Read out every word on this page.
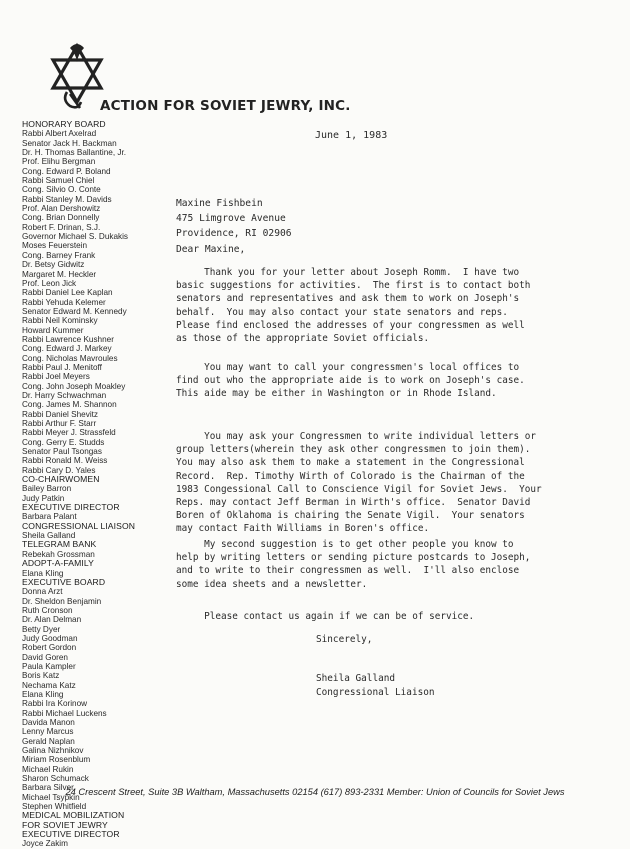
ACTION FOR SOVIET JEWRY, INC.
HONORARY BOARD
Rabbi Albert Axelrad
Senator Jack H. Backman
Dr. H. Thomas Ballantine, Jr.
Prof. Elihu Bergman
Cong. Edward P. Boland
Rabbi Samuel Chiel
Cong. Silvio O. Conte
Rabbi Stanley M. Davids
Prof. Alan Dershowitz
Cong. Brian Donnelly
Robert F. Drinan, S.J.
Governor Michael S. Dukakis
Moses Feuerstein
Cong. Barney Frank
Dr. Betsy Gidwitz
Margaret M. Heckler
Prof. Leon Jick
Rabbi Daniel Lee Kaplan
Rabbi Yehuda Kelemer
Senator Edward M. Kennedy
Rabbi Neil Kominsky
Howard Kummer
Rabbi Lawrence Kushner
Cong. Edward J. Markey
Cong. Nicholas Mavroules
Rabbi Paul J. Menitoff
Rabbi Joel Meyers
Cong. John Joseph Moakley
Dr. Harry Schwachman
Cong. James M. Shannon
Rabbi Daniel Shevitz
Rabbi Arthur F. Starr
Rabbi Meyer J. Strassfeld
Cong. Gerry E. Studds
Senator Paul Tsongas
Rabbi Ronald M. Weiss
Rabbi Cary D. Yales
CO-CHAIRWOMEN
Bailey Barron
Judy Patkin
EXECUTIVE DIRECTOR
Barbara Palant
CONGRESSIONAL LIAISON
Sheila Galland
TELEGRAM BANK
Rebekah Grossman
ADOPT-A-FAMILY
Elana Kling
EXECUTIVE BOARD
Donna Arzt
Dr. Sheldon Benjamin
Ruth Cronson
Dr. Alan Delman
Betty Dyer
Judy Goodman
Robert Gordon
David Goren
Paula Kampler
Boris Katz
Nechama Katz
Elana Kling
Rabbi Ira Korinow
Rabbi Michael Luckens
Davida Manon
Lenny Marcus
Gerald Naplan
Galina Nizhnikov
Miriam Rosenblum
Michael Rukin
Sharon Schumack
Barbara Silver
Michael Tsypkin
Stephen Whitfield
MEDICAL MOBILIZATION
FOR SOVIET JEWRY
EXECUTIVE DIRECTOR
Joyce Zakim
June 1, 1983
Maxine Fishbein
475 Limgrove Avenue
Providence, RI 02906
Dear Maxine,
Thank you for your letter about Joseph Romm.  I have two
basic suggestions for activities.  The first is to contact both
senators and representatives and ask them to work on Joseph's
behalf.  You may also contact your state senators and reps.
Please find enclosed the addresses of your congressmen as well
as those of the appropriate Soviet officials.
You may want to call your congressmen's local offices to
find out who the appropriate aide is to work on Joseph's case.
This aide may be either in Washington or in Rhode Island.
You may ask your Congressmen to write individual letters or
group letters(wherein they ask other congressmen to join them).
You may also ask them to make a statement in the Congressional
Record.  Rep. Timothy Wirth of Colorado is the Chairman of the
1983 Congessional Call to Conscience Vigil for Soviet Jews.  Your
Reps. may contact Jeff Berman in Wirth's office.  Senator David
Boren of Oklahoma is chairing the Senate Vigil.  Your senators
may contact Faith Williams in Boren's office.
My second suggestion is to get other people you know to
help by writing letters or sending picture postcards to Joseph,
and to write to their congressmen as well.  I'll also enclose
some idea sheets and a newsletter.
Please contact us again if we can be of service.
Sincerely,
Sheila Galland
Congressional Liaison
24 Crescent Street, Suite 3B Waltham, Massachusetts 02154 (617) 893-2331 Member: Union of Councils for Soviet Jews
